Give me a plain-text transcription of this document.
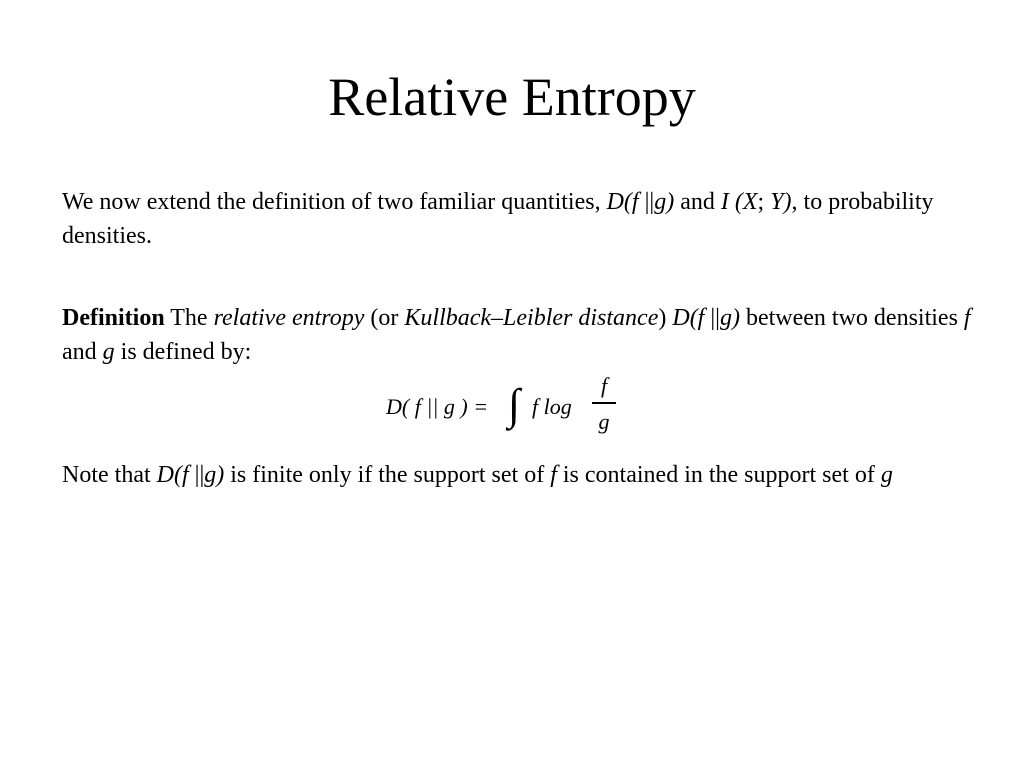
Relative Entropy

We now extend the definition of two familiar quantities, D(f ||g) and I (X; Y), to probability densities.

Definition The relative entropy (or Kullback–Leibler distance) D(f ||g) between two densities f and g is defined by:

D( f || g ) = ∫ f log
f
g

Note that D(f ||g) is finite only if the support set of f is contained in the support set of g
